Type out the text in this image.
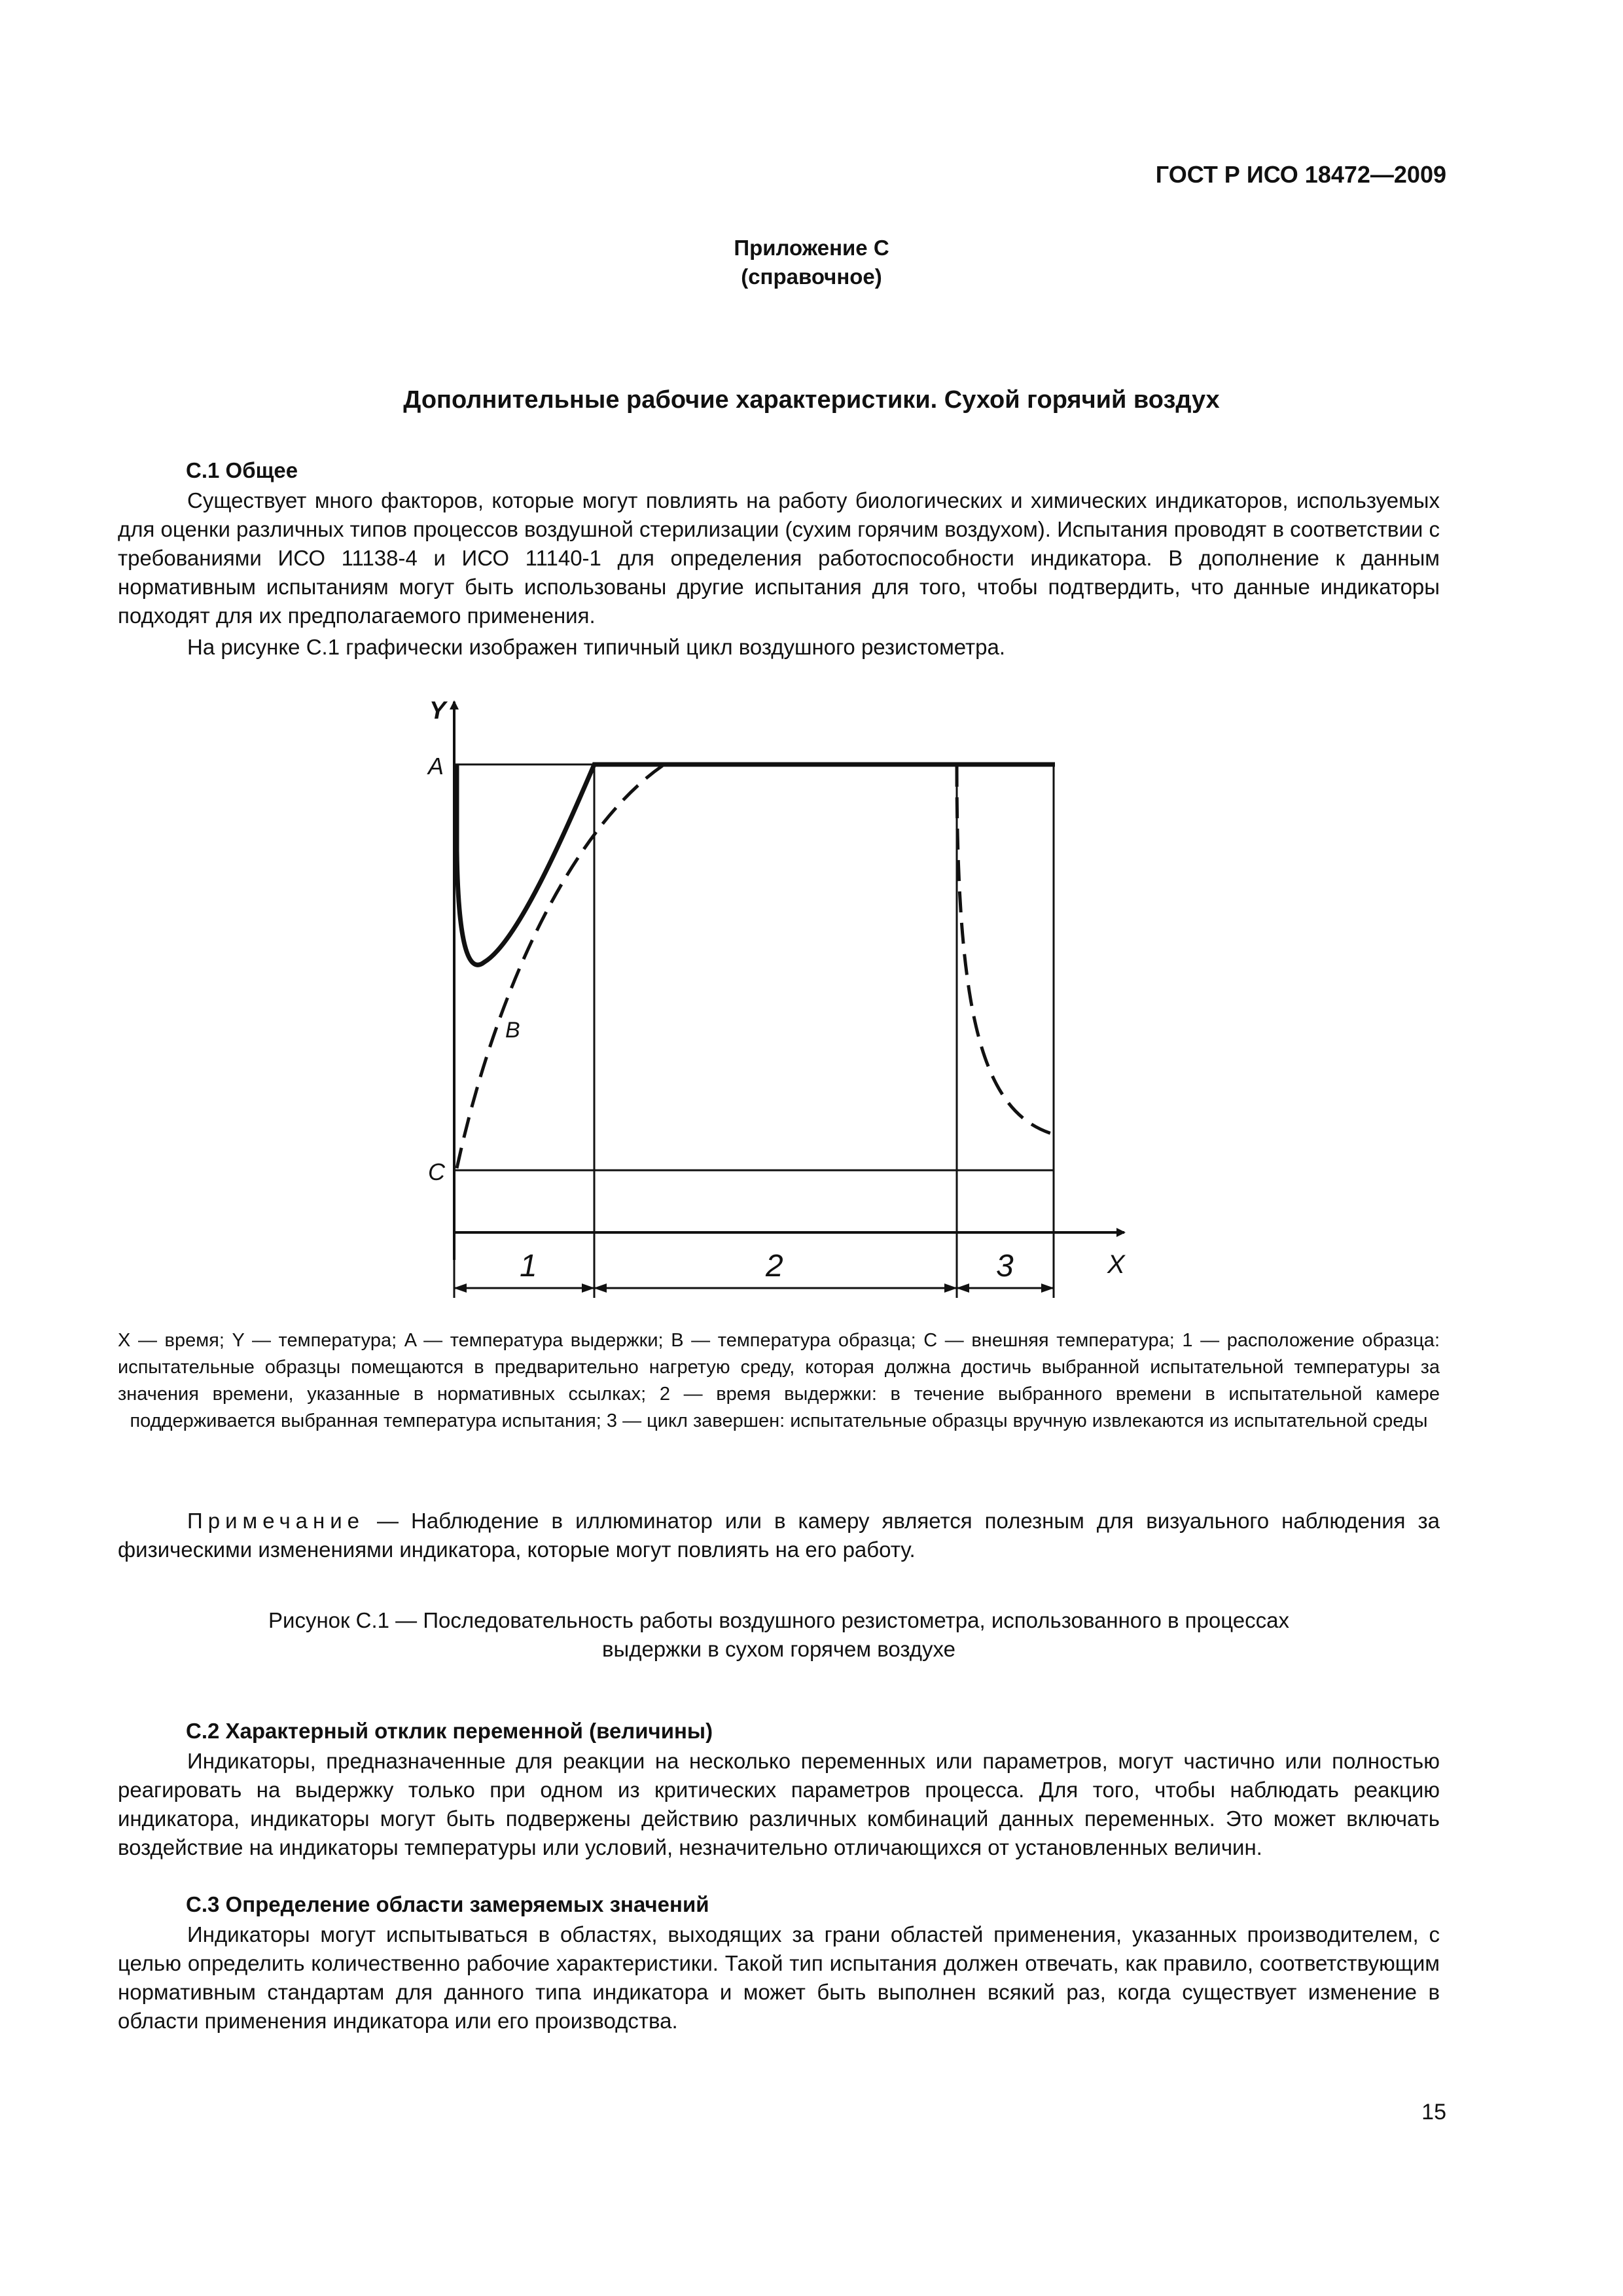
ГОСТ Р ИСО 18472—2009
Приложение С
(справочное)
Дополнительные рабочие характеристики. Сухой горячий воздух
С.1 Общее

Существует много факторов, которые могут повлиять на работу биологических и химических индикаторов, используемых для оценки различных типов процессов воздушной стерилизации (сухим горячим воздухом). Испытания проводят в соответствии с требованиями ИСО 11138-4 и ИСО 11140-1 для определения работоспособности индикатора. В дополнение к данным нормативным испытаниям могут быть использованы другие испытания для того, чтобы подтвердить, что данные индикаторы подходят для их предполагаемого применения.

На рисунке С.1 графически изображен типичный цикл воздушного резистометра.

Y
X
A
C
B
1	2	3

X — время; Y — температура; A — температура выдержки; B — температура образца; C — внешняя температура; 1 — расположение образца: испытательные образцы помещаются в предварительно нагретую среду, которая должна достичь выбранной испытательной температуры за значения времени, указанные в нормативных ссылках; 2 — время выдержки: в течение выбранного времени в испытательной камере поддерживается выбранная температура испытания; 3 — цикл завершен: испытательные образцы вручную извлекаются из испытательной среды

Примечание — Наблюдение в иллюминатор или в камеру является полезным для визуального наблюдения за физическими изменениями индикатора, которые могут повлиять на его работу.

Рисунок С.1 — Последовательность работы воздушного резистометра, использованного в процессах

выдержки в сухом горячем воздухе

С.2 Характерный отклик переменной (величины)

Индикаторы, предназначенные для реакции на несколько переменных или параметров, могут частично или полностью реагировать на выдержку только при одном из критических параметров процесса. Для того, чтобы наблюдать реакцию индикатора, индикаторы могут быть подвержены действию различных комбинаций данных переменных. Это может включать воздействие на индикаторы температуры или условий, незначительно отличающихся от установленных величин.

С.3 Определение области замеряемых значений

Индикаторы могут испытываться в областях, выходящих за грани областей применения, указанных производителем, с целью определить количественно рабочие характеристики. Такой тип испытания должен отвечать, как правило, соответствующим нормативным стандартам для данного типа индикатора и может быть выполнен всякий раз, когда существует изменение в области применения индикатора или его производства.

15
